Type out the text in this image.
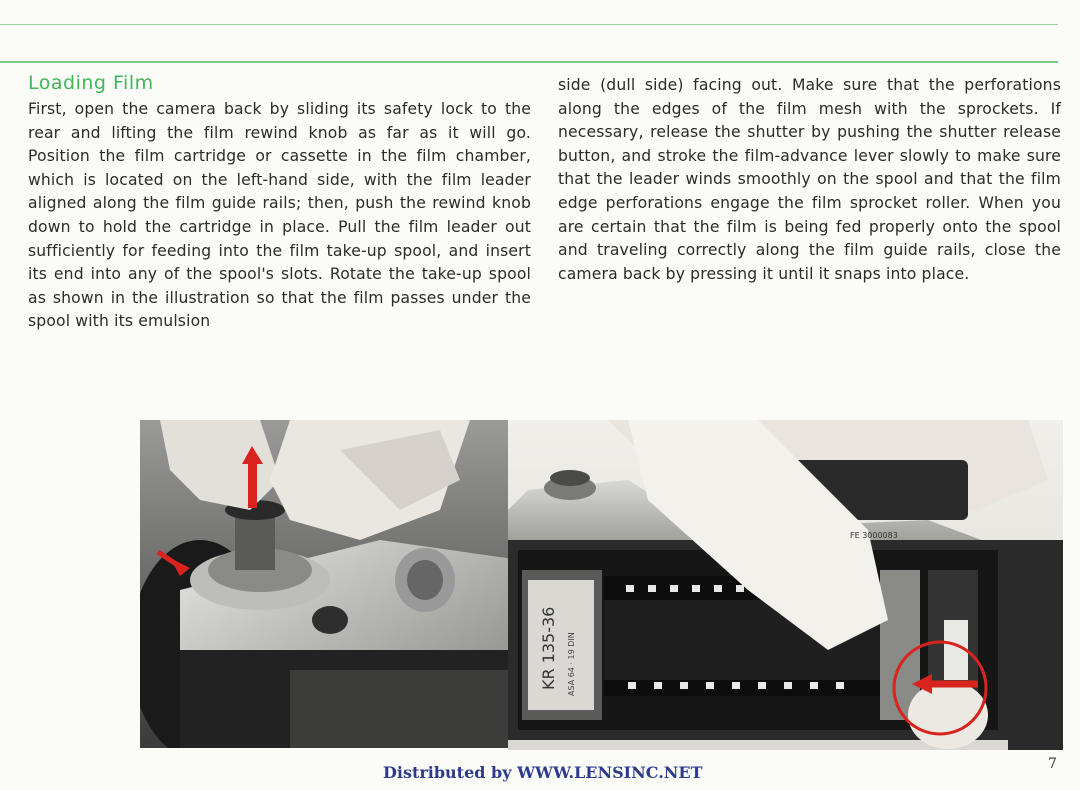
Loading Film
First, open the camera back by sliding its safety lock to the rear and lifting the film rewind knob as far as it will go. Position the film cartridge or cassette in the film chamber, which is located on the left-hand side, with the film leader aligned along the film guide rails; then, push the rewind knob down to hold the cartridge in place. Pull the film leader out sufficiently for feeding into the film take-up spool, and insert its end into any of the spool's slots. Rotate the take-up spool as shown in the illustration so that the film passes under the spool with its emulsion
side (dull side) facing out. Make sure that the perforations along the edges of the film mesh with the sprockets. If necessary, release the shutter by pushing the shutter release button, and stroke the film-advance lever slowly to make sure that the leader winds smoothly on the spool and that the film edge perforations engage the film sprocket roller. When you are certain that the film is being fed properly onto the spool and traveling correctly along the film guide rails, close the camera back by pressing it until it snaps into place.
KR 135-36 ASA 64 · 19 DIN
FE 3000083
Distributed by WWW.LENSINC.NET	7
